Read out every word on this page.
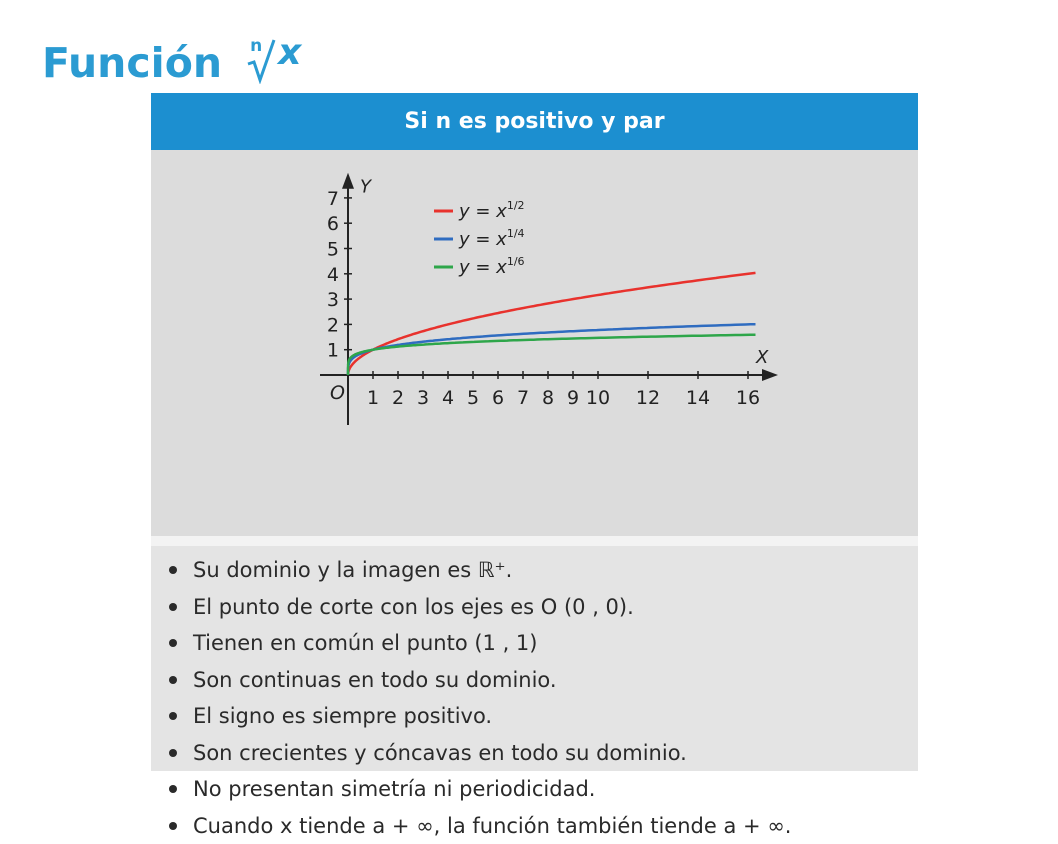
Función n x
Si n es positivo y par
Y
X
O 1 2 3 4 5 6 7 8 9 10 12 14 16
1
2
3
4
5
6
7
$y = x^{1/2}$
$y = x^{1/4}$
$y = x^{1/6}$
Su dominio y la imagen es ℝ⁺.
El punto de corte con los ejes es O (0 , 0).
Tienen en común el punto (1 , 1)
Son continuas en todo su dominio.
El signo es siempre positivo.
Son crecientes y cóncavas en todo su dominio.
No presentan simetría ni periodicidad.
Cuando x tiende a + ∞, la función también tiende a + ∞.
